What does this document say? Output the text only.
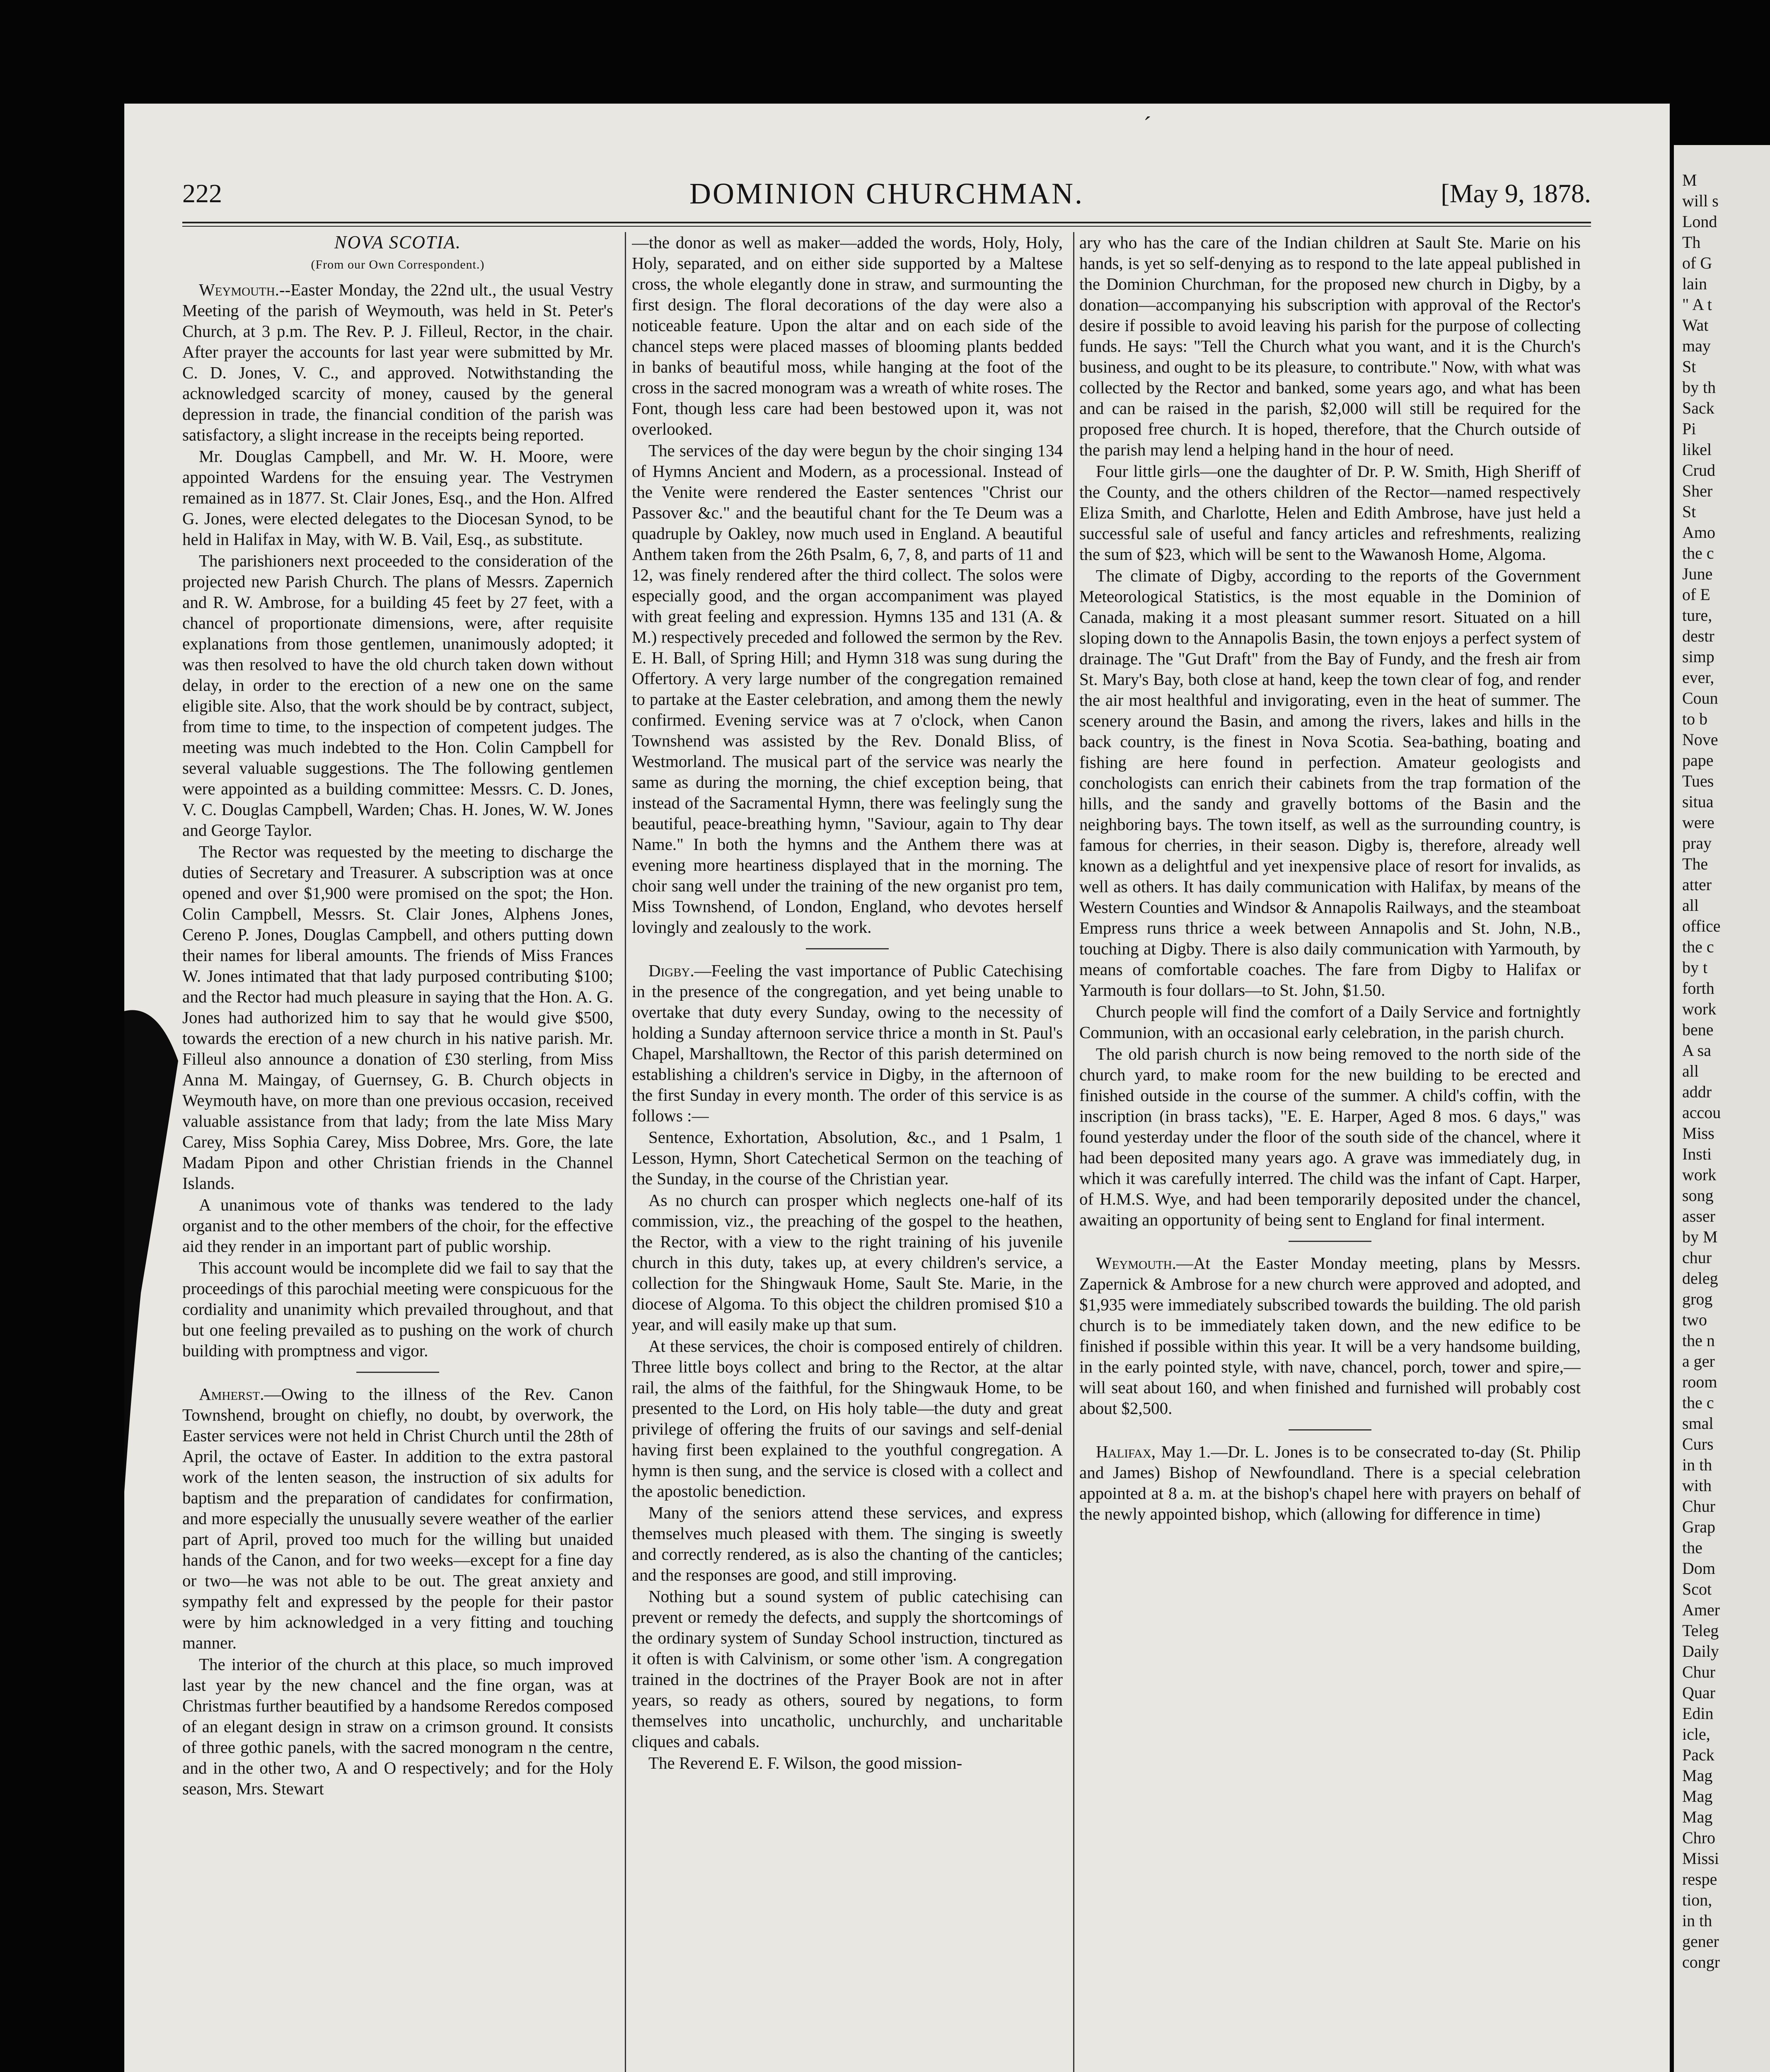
ˊ
222	DOMINION CHURCHMAN.	[May 9, 1878.
NOVA SCOTIA.
(From our Own Correspondent.)

Weymouth.--Easter Monday, the 22nd ult., the usual Vestry Meeting of the parish of Weymouth, was held in St. Peter's Church, at 3 p.m. The Rev. P. J. Filleul, Rector, in the chair. After prayer the accounts for last year were submitted by Mr. C. D. Jones, V. C., and approved. Notwithstanding the acknowledged scarcity of money, caused by the general depression in trade, the financial condition of the parish was satisfactory, a slight increase in the receipts being reported.

Mr. Douglas Campbell, and Mr. W. H. Moore, were appointed Wardens for the ensuing year. The Vestrymen remained as in 1877. St. Clair Jones, Esq., and the Hon. Alfred G. Jones, were elected delegates to the Diocesan Synod, to be held in Halifax in May, with W. B. Vail, Esq., as substitute.

The parishioners next proceeded to the consideration of the projected new Parish Church. The plans of Messrs. Zapernich and R. W. Ambrose, for a building 45 feet by 27 feet, with a chancel of proportionate dimensions, were, after requisite explanations from those gentlemen, unanimously adopted; it was then resolved to have the old church taken down without delay, in order to the erection of a new one on the same eligible site. Also, that the work should be by contract, subject, from time to time, to the inspection of competent judges. The meeting was much indebted to the Hon. Colin Campbell for several valuable suggestions. The The following gentlemen were appointed as a building committee: Messrs. C. D. Jones, V. C. Douglas Campbell, Warden; Chas. H. Jones, W. W. Jones and George Taylor.

The Rector was requested by the meeting to discharge the duties of Secretary and Treasurer. A subscription was at once opened and over $1,900 were promised on the spot; the Hon. Colin Campbell, Messrs. St. Clair Jones, Alphens Jones, Cereno P. Jones, Douglas Campbell, and others putting down their names for liberal amounts. The friends of Miss Frances W. Jones intimated that that lady purposed contributing $100; and the Rector had much pleasure in saying that the Hon. A. G. Jones had authorized him to say that he would give $500, towards the erection of a new church in his native parish. Mr. Filleul also announce a donation of £30 sterling, from Miss Anna M. Maingay, of Guernsey, G. B. Church objects in Weymouth have, on more than one previous occasion, received valuable assistance from that lady; from the late Miss Mary Carey, Miss Sophia Carey, Miss Dobree, Mrs. Gore, the late Madam Pipon and other Christian friends in the Channel Islands.

A unanimous vote of thanks was tendered to the lady organist and to the other members of the choir, for the effective aid they render in an important part of public worship.

This account would be incomplete did we fail to say that the proceedings of this parochial meeting were conspicuous for the cordiality and unanimity which prevailed throughout, and that but one feeling prevailed as to pushing on the work of church building with promptness and vigor.

Amherst.—Owing to the illness of the Rev. Canon Townshend, brought on chiefly, no doubt, by overwork, the Easter services were not held in Christ Church until the 28th of April, the octave of Easter. In addition to the extra pastoral work of the lenten season, the instruction of six adults for baptism and the preparation of candidates for confirmation, and more especially the unusually severe weather of the earlier part of April, proved too much for the willing but unaided hands of the Canon, and for two weeks—except for a fine day or two—he was not able to be out. The great anxiety and sympathy felt and expressed by the people for their pastor were by him acknowledged in a very fitting and touching manner.

The interior of the church at this place, so much improved last year by the new chancel and the fine organ, was at Christmas further beautified by a handsome Reredos composed of an elegant design in straw on a crimson ground. It consists of three gothic panels, with the sacred monogram n the centre, and in the other two, A and O respectively; and for the Holy season, Mrs. Stewart

—the donor as well as maker—added the words, Holy, Holy, Holy, separated, and on either side supported by a Maltese cross, the whole elegantly done in straw, and surmounting the first design. The floral decorations of the day were also a noticeable feature. Upon the altar and on each side of the chancel steps were placed masses of blooming plants bedded in banks of beautiful moss, while hanging at the foot of the cross in the sacred monogram was a wreath of white roses. The Font, though less care had been bestowed upon it, was not overlooked.

The services of the day were begun by the choir singing 134 of Hymns Ancient and Modern, as a processional. Instead of the Venite were rendered the Easter sentences "Christ our Passover &c." and the beautiful chant for the Te Deum was a quadruple by Oakley, now much used in England. A beautiful Anthem taken from the 26th Psalm, 6, 7, 8, and parts of 11 and 12, was finely rendered after the third collect. The solos were especially good, and the organ accompaniment was played with great feeling and expression. Hymns 135 and 131 (A. & M.) respectively preceded and followed the sermon by the Rev. E. H. Ball, of Spring Hill; and Hymn 318 was sung during the Offertory. A very large number of the congregation remained to partake at the Easter celebration, and among them the newly confirmed. Evening service was at 7 o'clock, when Canon Townshend was assisted by the Rev. Donald Bliss, of Westmorland. The musical part of the service was nearly the same as during the morning, the chief exception being, that instead of the Sacramental Hymn, there was feelingly sung the beautiful, peace-breathing hymn, "Saviour, again to Thy dear Name." In both the hymns and the Anthem there was at evening more heartiness displayed that in the morning. The choir sang well under the training of the new organist pro tem, Miss Townshend, of London, England, who devotes herself lovingly and zealously to the work.

Digby.—Feeling the vast importance of Public Catechising in the presence of the congregation, and yet being unable to overtake that duty every Sunday, owing to the necessity of holding a Sunday afternoon service thrice a month in St. Paul's Chapel, Marshalltown, the Rector of this parish determined on establishing a children's service in Digby, in the afternoon of the first Sunday in every month. The order of this service is as follows :—

Sentence, Exhortation, Absolution, &c., and 1 Psalm, 1 Lesson, Hymn, Short Catechetical Sermon on the teaching of the Sunday, in the course of the Christian year.

As no church can prosper which neglects one-half of its commission, viz., the preaching of the gospel to the heathen, the Rector, with a view to the right training of his juvenile church in this duty, takes up, at every children's service, a collection for the Shingwauk Home, Sault Ste. Marie, in the diocese of Algoma. To this object the children promised $10 a year, and will easily make up that sum.

At these services, the choir is composed entirely of children. Three little boys collect and bring to the Rector, at the altar rail, the alms of the faithful, for the Shingwauk Home, to be presented to the Lord, on His holy table—the duty and great privilege of offering the fruits of our savings and self-denial having first been explained to the youthful congregation. A hymn is then sung, and the service is closed with a collect and the apostolic benediction.

Many of the seniors attend these services, and express themselves much pleased with them. The singing is sweetly and correctly rendered, as is also the chanting of the canticles; and the responses are good, and still improving.

Nothing but a sound system of public catechising can prevent or remedy the defects, and supply the shortcomings of the ordinary system of Sunday School instruction, tinctured as it often is with Calvinism, or some other 'ism. A congregation trained in the doctrines of the Prayer Book are not in after years, so ready as others, soured by negations, to form themselves into uncatholic, unchurchly, and uncharitable cliques and cabals.

The Reverend E. F. Wilson, the good mission-

ary who has the care of the Indian children at Sault Ste. Marie on his hands, is yet so self-denying as to respond to the late appeal published in the Dominion Churchman, for the proposed new church in Digby, by a donation—accompanying his subscription with approval of the Rector's desire if possible to avoid leaving his parish for the purpose of collecting funds. He says: "Tell the Church what you want, and it is the Church's business, and ought to be its pleasure, to contribute." Now, with what was collected by the Rector and banked, some years ago, and what has been and can be raised in the parish, $2,000 will still be required for the proposed free church. It is hoped, therefore, that the Church outside of the parish may lend a helping hand in the hour of need.

Four little girls—one the daughter of Dr. P. W. Smith, High Sheriff of the County, and the others children of the Rector—named respectively Eliza Smith, and Charlotte, Helen and Edith Ambrose, have just held a successful sale of useful and fancy articles and refreshments, realizing the sum of $23, which will be sent to the Wawanosh Home, Algoma.

The climate of Digby, according to the reports of the Government Meteorological Statistics, is the most equable in the Dominion of Canada, making it a most pleasant summer resort. Situated on a hill sloping down to the Annapolis Basin, the town enjoys a perfect system of drainage. The "Gut Draft" from the Bay of Fundy, and the fresh air from St. Mary's Bay, both close at hand, keep the town clear of fog, and render the air most healthful and invigorating, even in the heat of summer. The scenery around the Basin, and among the rivers, lakes and hills in the back country, is the finest in Nova Scotia. Sea-bathing, boating and fishing are here found in perfection. Amateur geologists and conchologists can enrich their cabinets from the trap formation of the hills, and the sandy and gravelly bottoms of the Basin and the neighboring bays. The town itself, as well as the surrounding country, is famous for cherries, in their season. Digby is, therefore, already well known as a delightful and yet inexpensive place of resort for invalids, as well as others. It has daily communication with Halifax, by means of the Western Counties and Windsor & Annapolis Railways, and the steamboat Empress runs thrice a week between Annapolis and St. John, N.B., touching at Digby. There is also daily communication with Yarmouth, by means of comfortable coaches. The fare from Digby to Halifax or Yarmouth is four dollars—to St. John, $1.50.

Church people will find the comfort of a Daily Service and fortnightly Communion, with an occasional early celebration, in the parish church.

The old parish church is now being removed to the north side of the church yard, to make room for the new building to be erected and finished outside in the course of the summer. A child's coffin, with the inscription (in brass tacks), "E. E. Harper, Aged 8 mos. 6 days," was found yesterday under the floor of the south side of the chancel, where it had been deposited many years ago. A grave was immediately dug, in which it was carefully interred. The child was the infant of Capt. Harper, of H.M.S. Wye, and had been temporarily deposited under the chancel, awaiting an opportunity of being sent to England for final interment.

Weymouth.—At the Easter Monday meeting, plans by Messrs. Zapernick & Ambrose for a new church were approved and adopted, and $1,935 were immediately subscribed towards the building. The old parish church is to be immediately taken down, and the new edifice to be finished if possible within this year. It will be a very handsome building, in the early pointed style, with nave, chancel, porch, tower and spire,—will seat about 160, and when finished and furnished will probably cost about $2,500.

Halifax, May 1.—Dr. L. Jones is to be consecrated to-day (St. Philip and James) Bishop of Newfoundland. There is a special celebration appointed at 8 a. m. at the bishop's chapel here with prayers on behalf of the newly appointed bishop, which (allowing for difference in time)

M
will s
Lond
Th
of G
lain
" A t
Wat
may
St
by th
Sack
Pi
likel
Crud
Sher
St
Amo
the c
June
of E
ture,
destr
simp
ever,
Coun
to b
Nove
pape
Tues
situa
were
pray
The
atter
all
office
the c
by t
forth
work
bene
A sa
all
addr
accou
Miss
Insti
work
song
asser
by M
chur
deleg
grog
two
the n
a ger
room
the c
smal
Curs
in th
with
Chur
Grap
the
Dom
Scot
Amer
Teleg
Daily
Chur
Quar
Edin
icle,
Pack
Mag
Mag
Mag
Chro
Missi
respe
tion,
in th
gener
congr
